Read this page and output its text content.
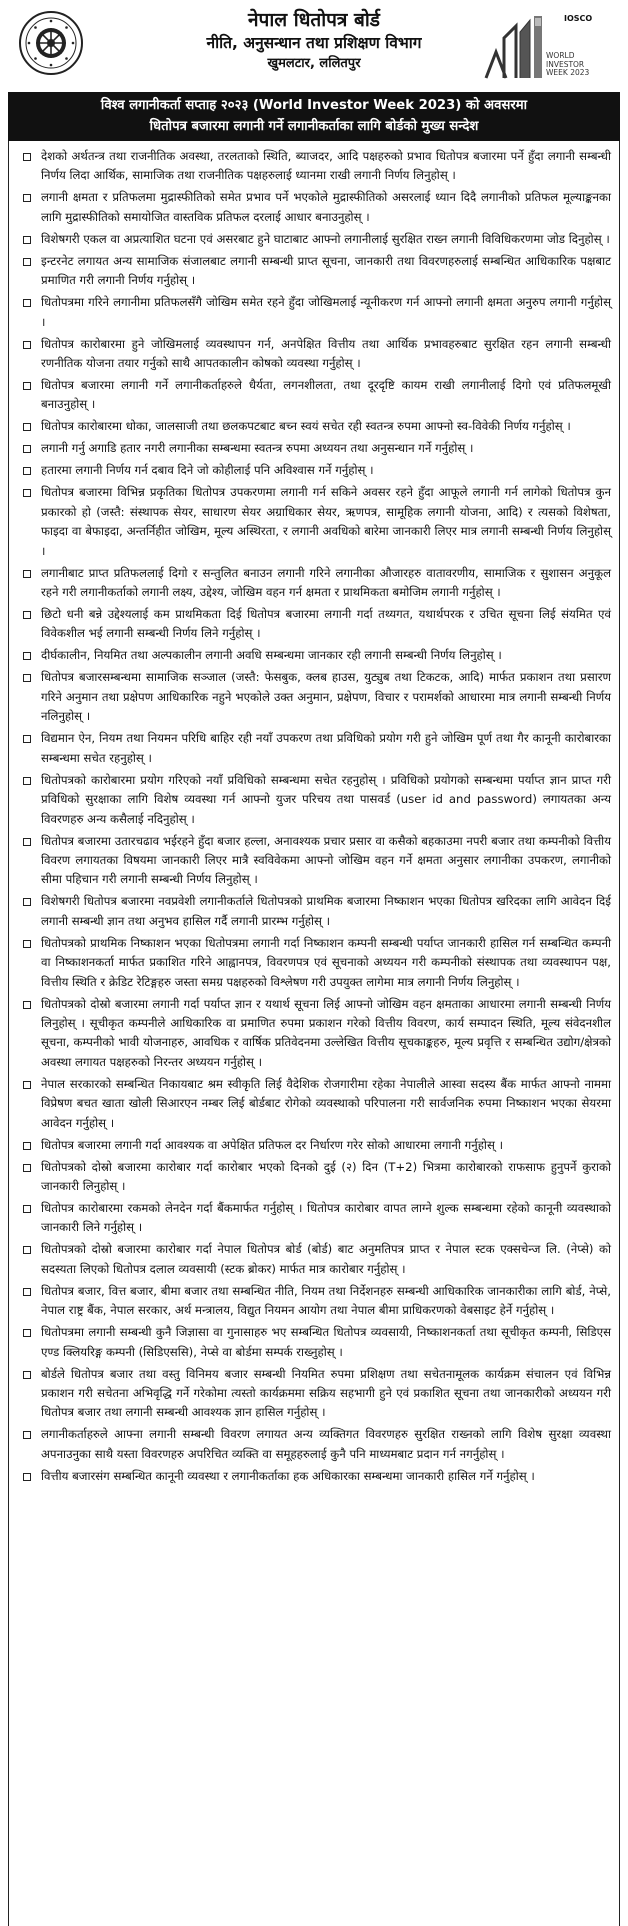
नेपाल धितोपत्र बोर्ड
नीति, अनुसन्धान तथा प्रशिक्षण विभाग
खुमलटार, ललितपुर
IOSCO
WORLD
INVESTOR
WEEK 2023
विश्व लगानीकर्ता सप्ताह २०२३ (World Investor Week 2023) को अवसरमा
धितोपत्र बजारमा लगानी गर्ने लगानीकर्ताका लागि बोर्डको मुख्य सन्देश
देशको अर्थतन्त्र तथा राजनीतिक अवस्था, तरलताको स्थिति, ब्याजदर, आदि पक्षहरुको प्रभाव धितोपत्र बजारमा पर्ने हुँदा लगानी सम्बन्धी निर्णय लिदा आर्थिक, सामाजिक तथा राजनीतिक पक्षहरुलाई ध्यानमा राखी लगानी निर्णय लिनुहोस् ।
लगानी क्षमता र प्रतिफलमा मुद्रास्फीतिको समेत प्रभाव पर्ने भएकोले मुद्रास्फीतिको असरलाई ध्यान दिदै लगानीको प्रतिफल मूल्याङ्कनका लागि मुद्रास्फीतिको समायोजित वास्तविक प्रतिफल दरलाई आधार बनाउनुहोस् ।
विशेषगरी एकल वा अप्रत्याशित घटना एवं असरबाट हुने घाटाबाट आफ्नो लगानीलाई सुरक्षित राख्न लगानी विविधिकरणमा जोड दिनुहोस् ।
इन्टरनेट लगायत अन्य सामाजिक संजालबाट लगानी सम्बन्धी प्राप्त सूचना, जानकारी तथा विवरणहरुलाई सम्बन्धित आधिकारिक पक्षबाट प्रमाणित गरी लगानी निर्णय गर्नुहोस् ।
धितोपत्रमा गरिने लगानीमा प्रतिफलसँगै जोखिम समेत रहने हुँदा जोखिमलाई न्यूनीकरण गर्न आफ्नो लगानी क्षमता अनुरुप लगानी गर्नुहोस् ।
धितोपत्र कारोबारमा हुने जोखिमलाई व्यवस्थापन गर्न, अनपेक्षित वित्तीय तथा आर्थिक प्रभावहरुबाट सुरक्षित रहन लगानी सम्बन्धी रणनीतिक योजना तयार गर्नुको साथै आपतकालीन कोषको व्यवस्था गर्नुहोस् ।
धितोपत्र बजारमा लगानी गर्ने लगानीकर्ताहरुले धैर्यता, लगनशीलता, तथा दूरदृष्टि कायम राखी लगानीलाई दिगो एवं प्रतिफलमूखी बनाउनुहोस् ।
धितोपत्र कारोबारमा धोका, जालसाजी तथा छलकपटबाट बच्न स्वयं सचेत रही स्वतन्त्र रुपमा आफ्नो स्व-विवेकी निर्णय गर्नुहोस् ।
लगानी गर्नु अगाडि हतार नगरी लगानीका सम्बन्धमा स्वतन्त्र रुपमा अध्ययन तथा अनुसन्धान गर्ने गर्नुहोस् ।
हतारमा लगानी निर्णय गर्न दबाव दिने जो कोहीलाई पनि अविश्वास गर्ने गर्नुहोस् ।
धितोपत्र बजारमा विभिन्न प्रकृतिका धितोपत्र उपकरणमा लगानी गर्न सकिने अवसर रहने हुँदा आफूले लगानी गर्न लागेको धितोपत्र कुन प्रकारको हो (जस्तै: संस्थापक सेयर, साधारण सेयर अग्राधिकार सेयर, ऋणपत्र, सामूहिक लगानी योजना, आदि) र त्यसको विशेषता, फाइदा वा बेफाइदा, अन्तर्निहीत जोखिम, मूल्य अस्थिरता, र लगानी अवधिको बारेमा जानकारी लिएर मात्र लगानी सम्बन्धी निर्णय लिनुहोस् ।
लगानीबाट प्राप्त प्रतिफललाई दिगो र सन्तुलित बनाउन लगानी गरिने लगानीका औजारहरु वातावरणीय, सामाजिक र सुशासन अनुकूल रहने गरी लगानीकर्ताको लगानी लक्ष्य, उद्देश्य, जोखिम वहन गर्न क्षमता र प्राथमिकता बमोजिम लगानी गर्नुहोस् ।
छिटो धनी बन्ने उद्देश्यलाई कम प्राथमिकता दिई धितोपत्र बजारमा लगानी गर्दा तथ्यगत, यथार्थपरक र उचित सूचना लिई संयमित एवं विवेकशील भई लगानी सम्बन्धी निर्णय लिने गर्नुहोस् ।
दीर्घकालीन, नियमित तथा अल्पकालीन लगानी अवधि सम्बन्धमा जानकार रही लगानी सम्बन्धी निर्णय लिनुहोस् ।
धितोपत्र बजारसम्बन्धमा सामाजिक सञ्जाल (जस्तै: फेसबुक, क्लब हाउस, युट्युब तथा टिकटक, आदि) मार्फत प्रकाशन तथा प्रसारण गरिने अनुमान तथा प्रक्षेपण आधिकारिक नहुने भएकोले उक्त अनुमान, प्रक्षेपण, विचार र परामर्शको आधारमा मात्र लगानी सम्बन्धी निर्णय नलिनुहोस् ।
विद्यमान ऐन, नियम तथा नियमन परिधि बाहिर रही नयाँ उपकरण तथा प्रविधिको प्रयोग गरी हुने जोखिम पूर्ण तथा गैर कानूनी कारोबारका सम्बन्धमा सचेत रहनुहोस् ।
धितोपत्रको कारोबारमा प्रयोग गरिएको नयाँ प्रविधिको सम्बन्धमा सचेत रहनुहोस् । प्रविधिको प्रयोगको सम्बन्धमा पर्याप्त ज्ञान प्राप्त गरी प्रविधिको सुरक्षाका लागि विशेष व्यवस्था गर्न आफ्नो युजर परिचय तथा पासवर्ड (user id and password) लगायतका अन्य विवरणहरु अन्य कसैलाई नदिनुहोस् ।
धितोपत्र बजारमा उतारचढाव भईरहने हुँदा बजार हल्ला, अनावश्यक प्रचार प्रसार वा कसैको बहकाउमा नपरी बजार तथा कम्पनीको वित्तीय विवरण लगायतका विषयमा जानकारी लिएर मात्रै स्वविवेकमा आफ्नो जोखिम वहन गर्ने क्षमता अनुसार लगानीका उपकरण, लगानीको सीमा पहिचान गरी लगानी सम्बन्धी निर्णय लिनुहोस् ।
विशेषगरी धितोपत्र बजारमा नवप्रवेशी लगानीकर्ताले धितोपत्रको प्राथमिक बजारमा निष्काशन भएका धितोपत्र खरिदका लागि आवेदन दिई लगानी सम्बन्धी ज्ञान तथा अनुभव हासिल गर्दै लगानी प्रारम्भ गर्नुहोस् ।
धितोपत्रको प्राथमिक निष्काशन भएका धितोपत्रमा लगानी गर्दा निष्काशन कम्पनी सम्बन्धी पर्याप्त जानकारी हासिल गर्न सम्बन्धित कम्पनी वा निष्काशनकर्ता मार्फत प्रकाशित गरिने आह्वानपत्र, विवरणपत्र एवं सूचनाको अध्ययन गरी कम्पनीको संस्थापक तथा व्यवस्थापन पक्ष, वित्तीय स्थिति र क्रेडिट रेटिङ्गहरु जस्ता समग्र पक्षहरुको विश्लेषण गरी उपयुक्त लागेमा मात्र लगानी निर्णय लिनुहोस् ।
धितोपत्रको दोस्रो बजारमा लगानी गर्दा पर्याप्त ज्ञान र यथार्थ सूचना लिई आफ्नो जोखिम वहन क्षमताका आधारमा लगानी सम्बन्धी निर्णय लिनुहोस् । सूचीकृत कम्पनीले आधिकारिक वा प्रमाणित रुपमा प्रकाशन गरेको वित्तीय विवरण, कार्य सम्पादन स्थिति, मूल्य संवेदनशील सूचना, कम्पनीको भावी योजनाहरु, आवधिक र वार्षिक प्रतिवेदनमा उल्लेखित वित्तीय सूचकाङ्कहरु, मूल्य प्रवृत्ति र सम्बन्धित उद्योग/क्षेत्रको अवस्था लगायत पक्षहरुको निरन्तर अध्ययन गर्नुहोस् ।
नेपाल सरकारको सम्बन्धित निकायबाट श्रम स्वीकृति लिई वैदेशिक रोजगारीमा रहेका नेपालीले आस्वा सदस्य बैंक मार्फत आफ्नो नाममा विप्रेषण बचत खाता खोली सिआरएन नम्बर लिई बोर्डबाट रोगेको व्यवस्थाको परिपालना गरी सार्वजनिक रुपमा निष्काशन भएका सेयरमा आवेदन गर्नुहोस् ।
धितोपत्र बजारमा लगानी गर्दा आवश्यक वा अपेक्षित प्रतिफल दर निर्धारण गरेर सोको आधारमा लगानी गर्नुहोस् ।
धितोपत्रको दोस्रो बजारमा कारोबार गर्दा कारोबार भएको दिनको दुई (२) दिन (T+2) भित्रमा कारोबारको राफसाफ हुनुपर्ने कुराको जानकारी लिनुहोस् ।
धितोपत्र कारोबारमा रकमको लेनदेन गर्दा बैंकमार्फत गर्नुहोस् । धितोपत्र कारोबार वापत लाग्ने शुल्क सम्बन्धमा रहेको कानूनी व्यवस्थाको जानकारी लिने गर्नुहोस् ।
धितोपत्रको दोस्रो बजारमा कारोबार गर्दा नेपाल धितोपत्र बोर्ड (बोर्ड) बाट अनुमतिपत्र प्राप्त र नेपाल स्टक एक्सचेन्ज लि. (नेप्से) को सदस्यता लिएको धितोपत्र दलाल व्यवसायी (स्टक ब्रोकर) मार्फत मात्र कारोबार गर्नुहोस् ।
धितोपत्र बजार, वित्त बजार, बीमा बजार तथा सम्बन्धित नीति, नियम तथा निर्देशनहरु सम्बन्धी आधिकारिक जानकारीका लागि बोर्ड, नेप्से, नेपाल राष्ट्र बैंक, नेपाल सरकार, अर्थ मन्त्रालय, विद्युत नियमन आयोग तथा नेपाल बीमा प्राधिकरणको वेबसाइट हेर्ने गर्नुहोस् ।
धितोपत्रमा लगानी सम्बन्धी कुनै जिज्ञासा वा गुनासाहरु भए सम्बन्धित धितोपत्र व्यवसायी, निष्काशनकर्ता तथा सूचीकृत कम्पनी, सिडिएस एण्ड क्लियरिङ्ग कम्पनी (सिडिएससि), नेप्से वा बोर्डमा सम्पर्क राख्नुहोस् ।
बोर्डले धितोपत्र बजार तथा वस्तु विनिमय बजार सम्बन्धी नियमित रुपमा प्रशिक्षण तथा सचेतनामूलक कार्यक्रम संचालन एवं विभिन्न प्रकाशन गरी सचेतना अभिवृद्धि गर्ने गरेकोमा त्यस्तो कार्यक्रममा सक्रिय सहभागी हुने एवं प्रकाशित सूचना तथा जानकारीको अध्ययन गरी धितोपत्र बजार तथा लगानी सम्बन्धी आवश्यक ज्ञान हासिल गर्नुहोस् ।
लगानीकर्ताहरुले आफ्ना लगानी सम्बन्धी विवरण लगायत अन्य व्यक्तिगत विवरणहरु सुरक्षित राख्नको लागि विशेष सुरक्षा व्यवस्था अपनाउनुका साथै यस्ता विवरणहरु अपरिचित व्यक्ति वा समूहहरुलाई कुनै पनि माध्यमबाट प्रदान गर्न नगर्नुहोस् ।
वित्तीय बजारसंग सम्बन्धित कानूनी व्यवस्था र लगानीकर्ताका हक अधिकारका सम्बन्धमा जानकारी हासिल गर्ने गर्नुहोस् ।
